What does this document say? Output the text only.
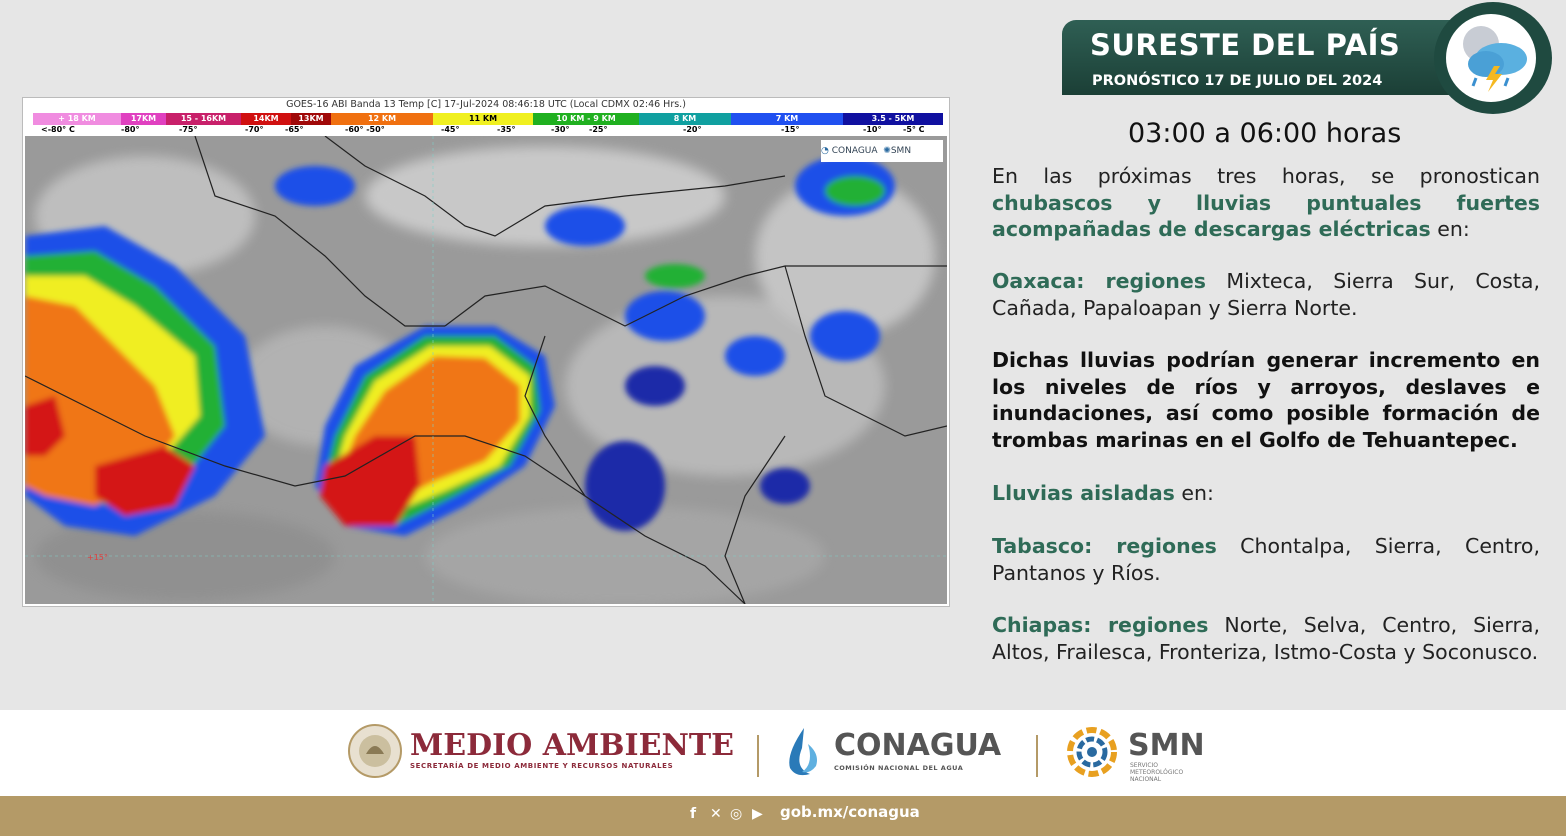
GOES-16 ABI Banda 13 Temp [C] 17-Jul-2024 08:46:18 UTC (Local CDMX 02:46 Hrs.)
+ 18 KM	17KM	15 - 16KM	14KM	13KM	12 KM	11 KM	10 KM - 9 KM	8 KM	7 KM	3.5 - 5KM
<-80° C	-80°	-75°	-70°	-65°	-60° -50°	-45°	-35°	-30° -25°	-20°	-15°	-10°	-5° C
+15°
◔ CONAGUA ✺SMN
SURESTE DEL PAÍS
PRONÓSTICO 17 DE JULIO DEL 2024
03:00 a 06:00 horas
En las próximas tres horas, se pronostican chubascos y lluvias puntuales fuertes acompañadas de descargas eléctricas en:
Oaxaca: regiones Mixteca, Sierra Sur, Costa, Cañada, Papaloapan y Sierra Norte.
Dichas lluvias podrían generar incremento en los niveles de ríos y arroyos, deslaves e inundaciones, así como posible formación de trombas marinas en el Golfo de Tehuantepec.
Lluvias aisladas en:
Tabasco: regiones Chontalpa, Sierra, Centro, Pantanos y Ríos.
Chiapas: regiones Norte, Selva, Centro, Sierra, Altos, Frailesca, Fronteriza, Istmo-Costa y Soconusco.
MEDIO AMBIENTE
SECRETARÍA DE MEDIO AMBIENTE Y RECURSOS NATURALES
CONAGUA
COMISIÓN NACIONAL DEL AGUA
SMN
SERVICIO METEOROLÓGICO NACIONAL
f ✕ ◎ ▶ gob.mx/conagua
